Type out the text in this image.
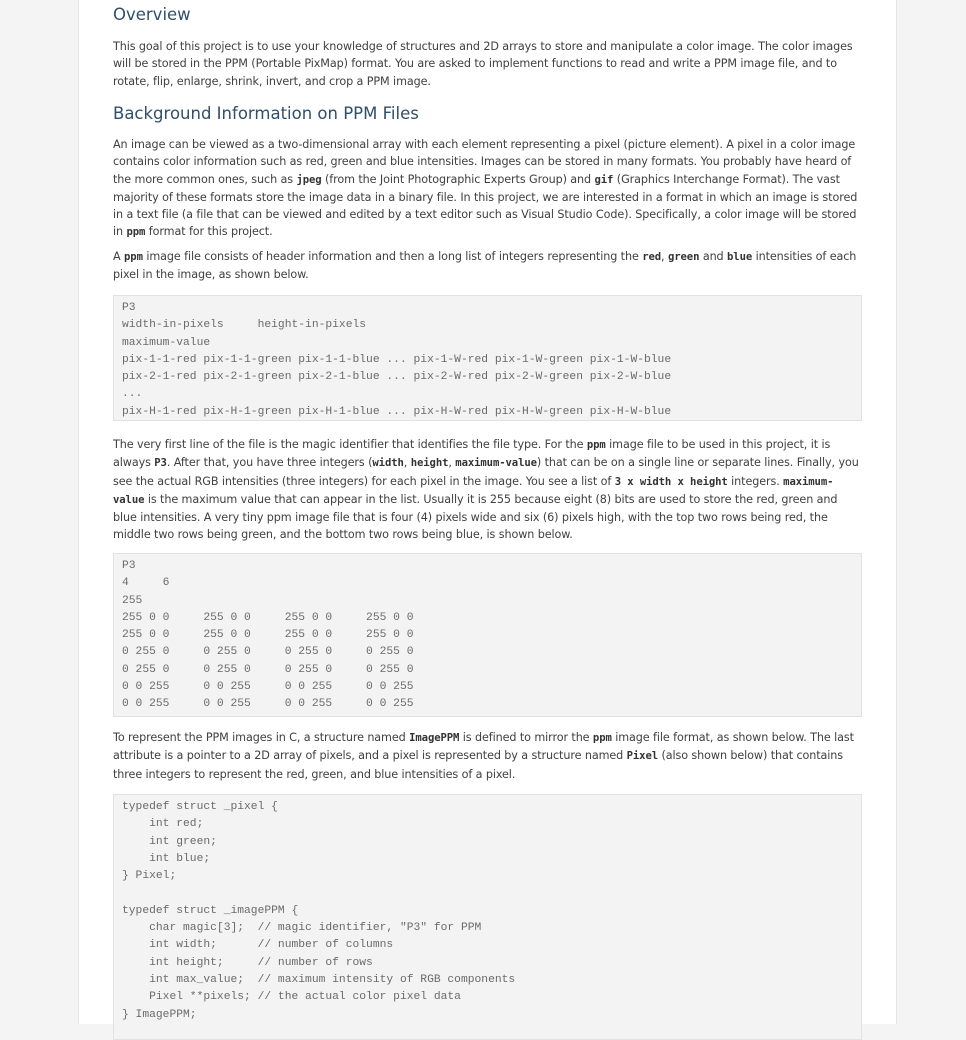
Overview

This goal of this project is to use your knowledge of structures and 2D arrays to store and manipulate a color image. The color images will be stored in the PPM (Portable PixMap) format. You are asked to implement functions to read and write a PPM image file, and to rotate, flip, enlarge, shrink, invert, and crop a PPM image.

Background Information on PPM Files

An image can be viewed as a two-dimensional array with each element representing a pixel (picture element). A pixel in a color image contains color information such as red, green and blue intensities. Images can be stored in many formats. You probably have heard of the more common ones, such as jpeg (from the Joint Photographic Experts Group) and gif (Graphics Interchange Format). The vast majority of these formats store the image data in a binary file. In this project, we are interested in a format in which an image is stored in a text file (a file that can be viewed and edited by a text editor such as Visual Studio Code). Specifically, a color image will be stored in ppm format for this project.

A ppm image file consists of header information and then a long list of integers representing the red, green and blue intensities of each pixel in the image, as shown below.

P3
width-in-pixels     height-in-pixels
maximum-value
pix-1-1-red pix-1-1-green pix-1-1-blue ... pix-1-W-red pix-1-W-green pix-1-W-blue
pix-2-1-red pix-2-1-green pix-2-1-blue ... pix-2-W-red pix-2-W-green pix-2-W-blue
...
pix-H-1-red pix-H-1-green pix-H-1-blue ... pix-H-W-red pix-H-W-green pix-H-W-blue

The very first line of the file is the magic identifier that identifies the file type. For the ppm image file to be used in this project, it is always P3. After that, you have three integers (width, height, maximum-value) that can be on a single line or separate lines. Finally, you see the actual RGB intensities (three integers) for each pixel in the image. You see a list of 3 x width x height integers. maximum-value is the maximum value that can appear in the list. Usually it is 255 because eight (8) bits are used to store the red, green and blue intensities. A very tiny ppm image file that is four (4) pixels wide and six (6) pixels high, with the top two rows being red, the middle two rows being green, and the bottom two rows being blue, is shown below.

P3
4     6
255
255 0 0     255 0 0     255 0 0     255 0 0
255 0 0     255 0 0     255 0 0     255 0 0
0 255 0     0 255 0     0 255 0     0 255 0
0 255 0     0 255 0     0 255 0     0 255 0
0 0 255     0 0 255     0 0 255     0 0 255
0 0 255     0 0 255     0 0 255     0 0 255

To represent the PPM images in C, a structure named ImagePPM is defined to mirror the ppm image file format, as shown below. The last attribute is a pointer to a 2D array of pixels, and a pixel is represented by a structure named Pixel (also shown below) that contains three integers to represent the red, green, and blue intensities of a pixel.

typedef struct _pixel {
int red;
int green;
int blue;
} Pixel;

typedef struct _imagePPM {
char magic[3];  // magic identifier, "P3" for PPM
int width;      // number of columns
int height;     // number of rows
int max_value;  // maximum intensity of RGB components
Pixel **pixels; // the actual color pixel data
} ImagePPM;
